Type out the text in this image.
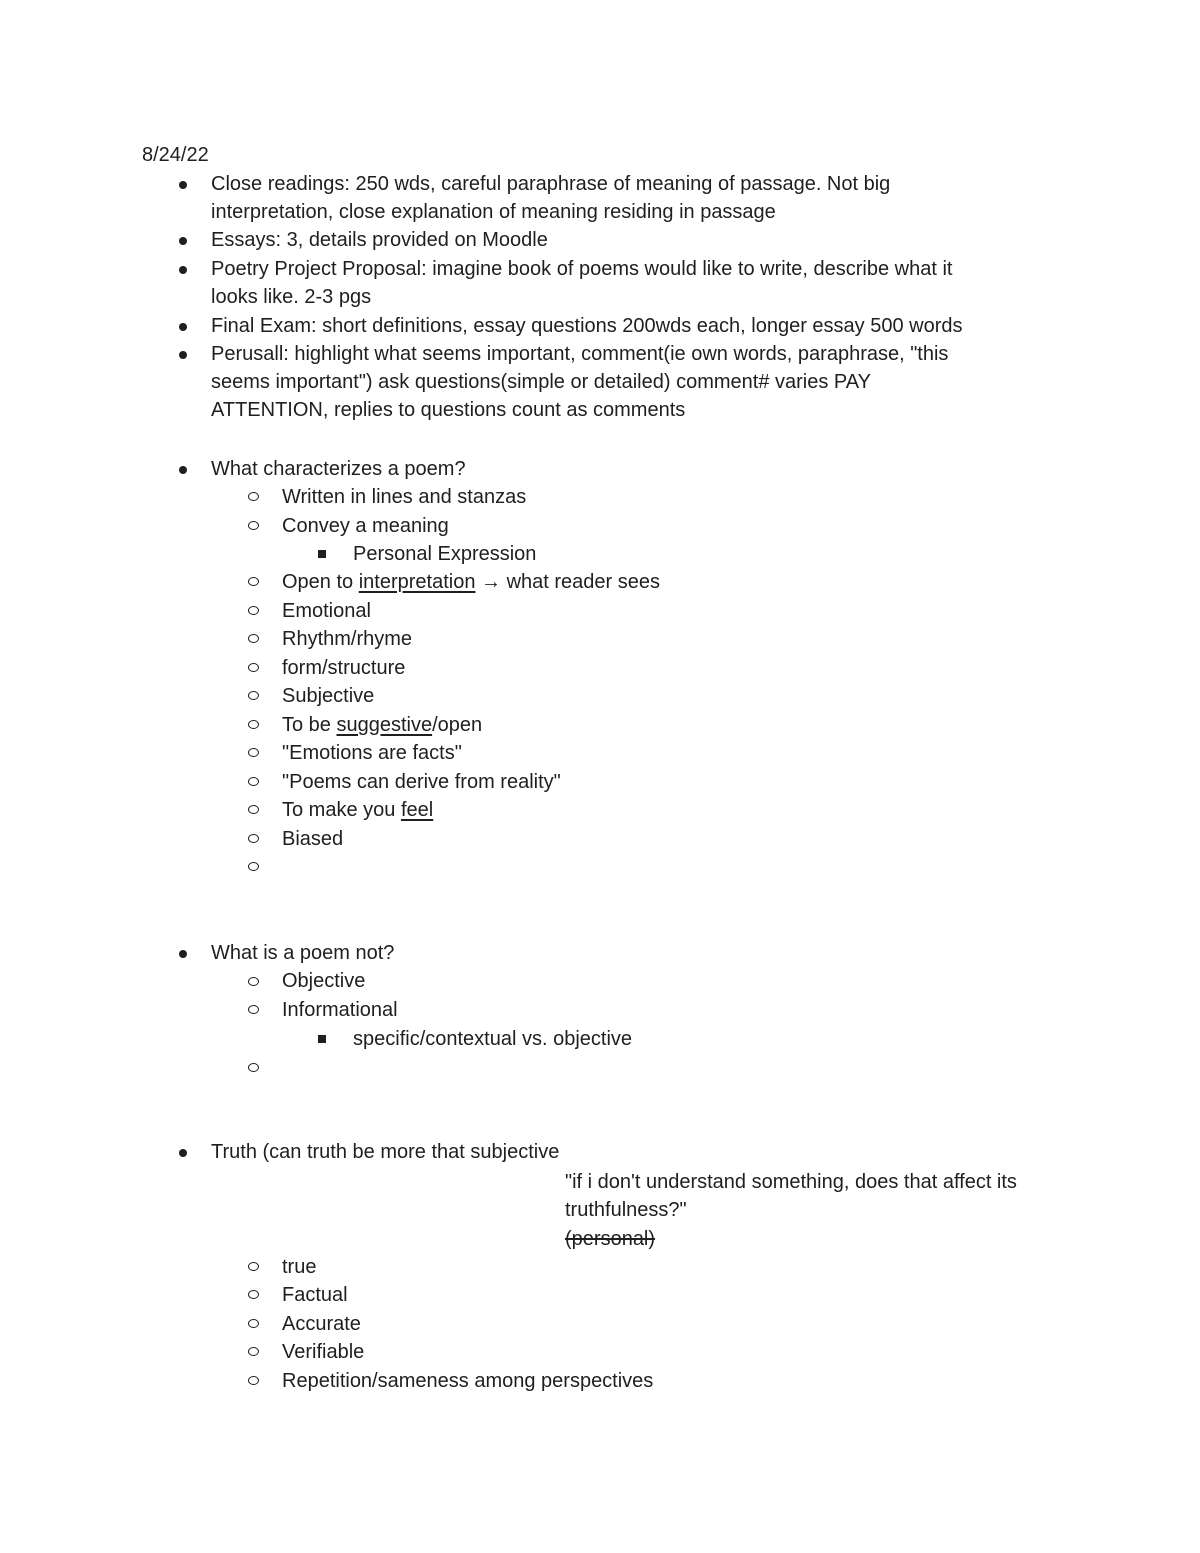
8/24/22
Close readings: 250 wds, careful paraphrase of meaning of passage. Not big
interpretation, close explanation of meaning residing in passage
Essays: 3, details provided on Moodle
Poetry Project Proposal: imagine book of poems would like to write, describe what it
looks like. 2-3 pgs
Final Exam: short definitions, essay questions 200wds each, longer essay 500 words
Perusall: highlight what seems important, comment(ie own words, paraphrase, "this
seems important") ask questions(simple or detailed) comment# varies PAY
ATTENTION, replies to questions count as comments
What characterizes a poem?
Written in lines and stanzas
Convey a meaning
Personal Expression
Open to interpretation → what reader sees
Emotional
Rhythm/rhyme
form/structure
Subjective
To be suggestive/open
"Emotions are facts"
"Poems can derive from reality"
To make you feel
Biased
What is a poem not?
Objective
Informational
specific/contextual vs. objective
Truth (can truth be more that subjective
"if i don't understand something, does that affect its
truthfulness?"
(personal)
true
Factual
Accurate
Verifiable
Repetition/sameness among perspectives
